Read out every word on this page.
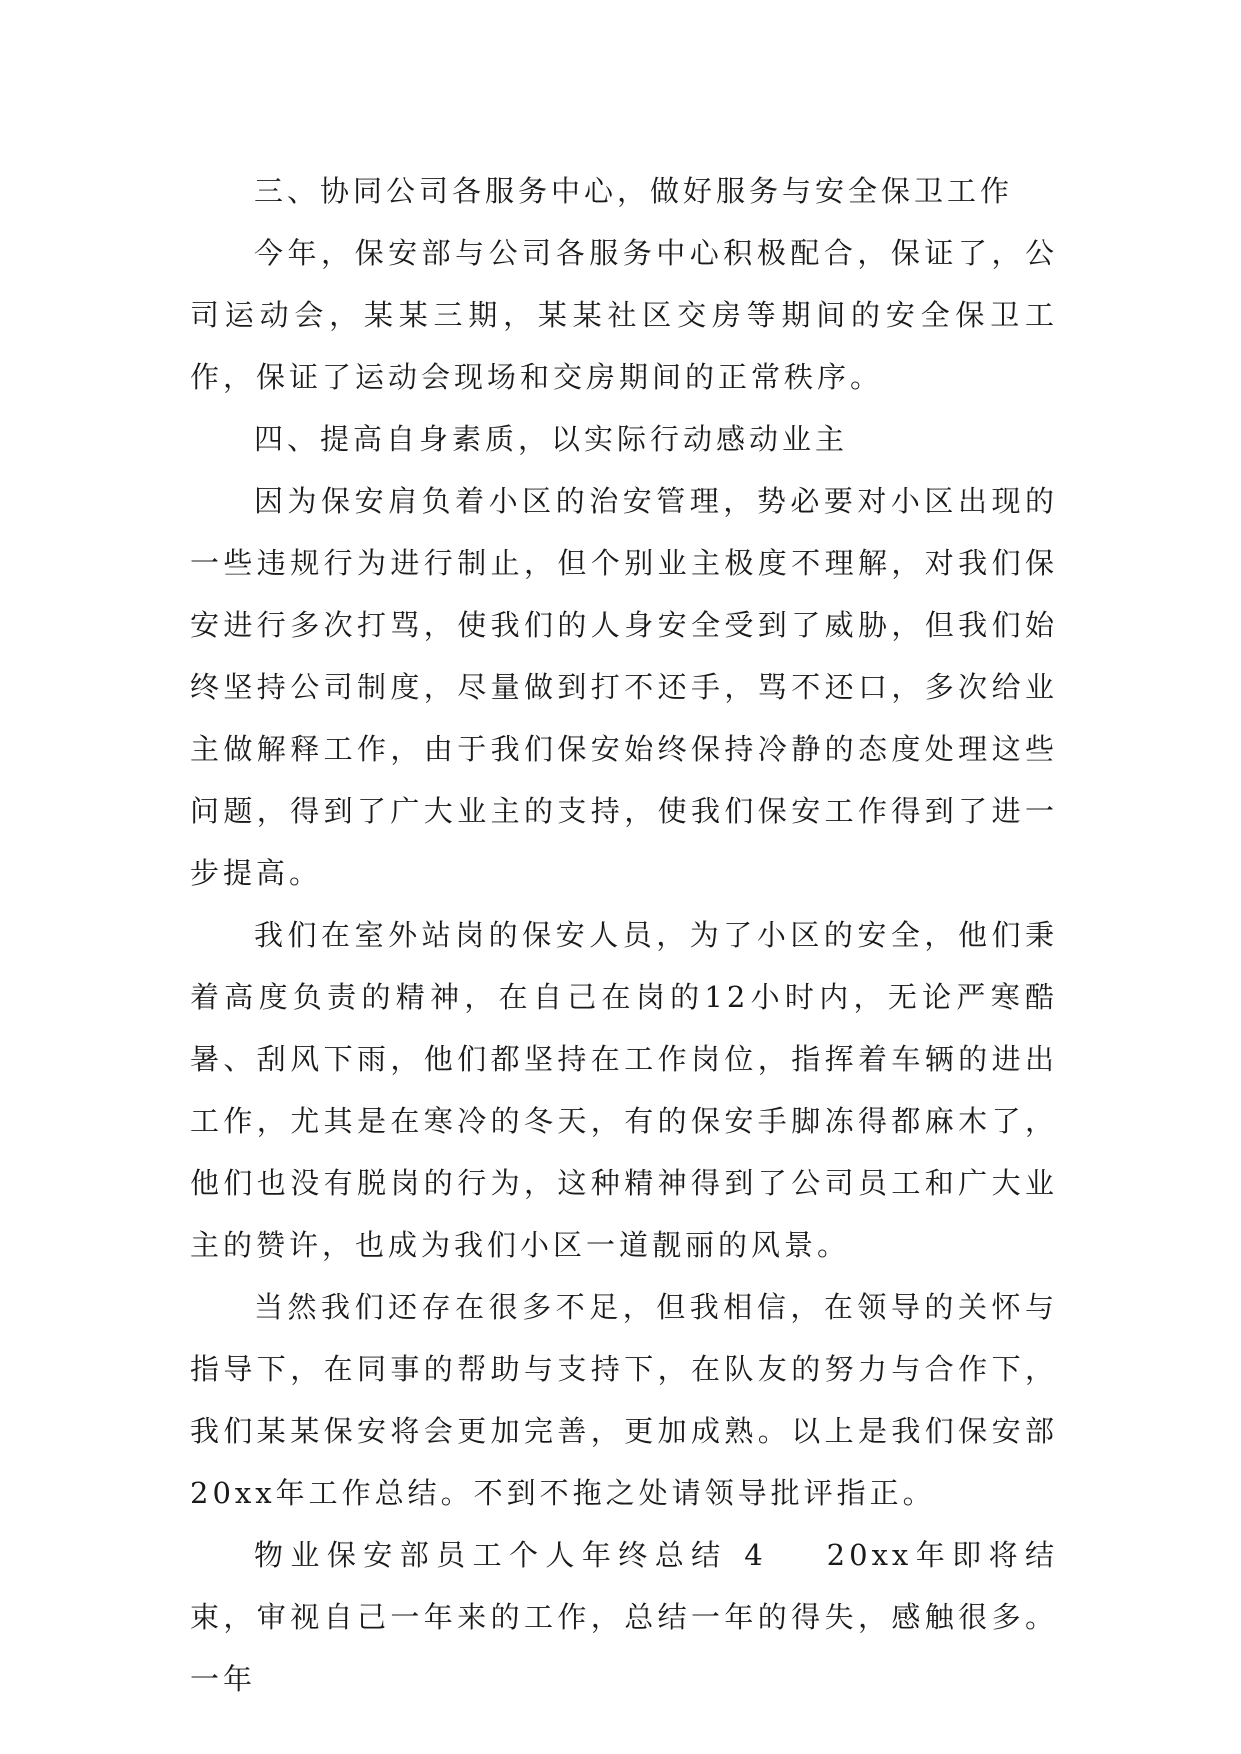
三、协同公司各服务中心，做好服务与安全保卫工作

今年，保安部与公司各服务中心积极配合，保证了，公司运动会，某某三期，某某社区交房等期间的安全保卫工作，保证了运动会现场和交房期间的正常秩序。

四、提高自身素质，以实际行动感动业主

因为保安肩负着小区的治安管理，势必要对小区出现的一些违规行为进行制止，但个别业主极度不理解，对我们保安进行多次打骂，使我们的人身安全受到了威胁，但我们始终坚持公司制度，尽量做到打不还手，骂不还口，多次给业主做解释工作，由于我们保安始终保持冷静的态度处理这些问题，得到了广大业主的支持，使我们保安工作得到了进一步提高。

我们在室外站岗的保安人员，为了小区的安全，他们秉着高度负责的精神，在自己在岗的12小时内，无论严寒酷暑、刮风下雨，他们都坚持在工作岗位，指挥着车辆的进出工作，尤其是在寒冷的冬天，有的保安手脚冻得都麻木了，他们也没有脱岗的行为，这种精神得到了公司员工和广大业主的赞许，也成为我们小区一道靓丽的风景。

当然我们还存在很多不足，但我相信，在领导的关怀与指导下，在同事的帮助与支持下，在队友的努力与合作下，我们某某保安将会更加完善，更加成熟。以上是我们保安部20xx年工作总结。不到不拖之处请领导批评指正。

物业保安部员工个人年终总结 4 20xx年即将结束，审视自己一年来的工作，总结一年的得失，感触很多。一年
